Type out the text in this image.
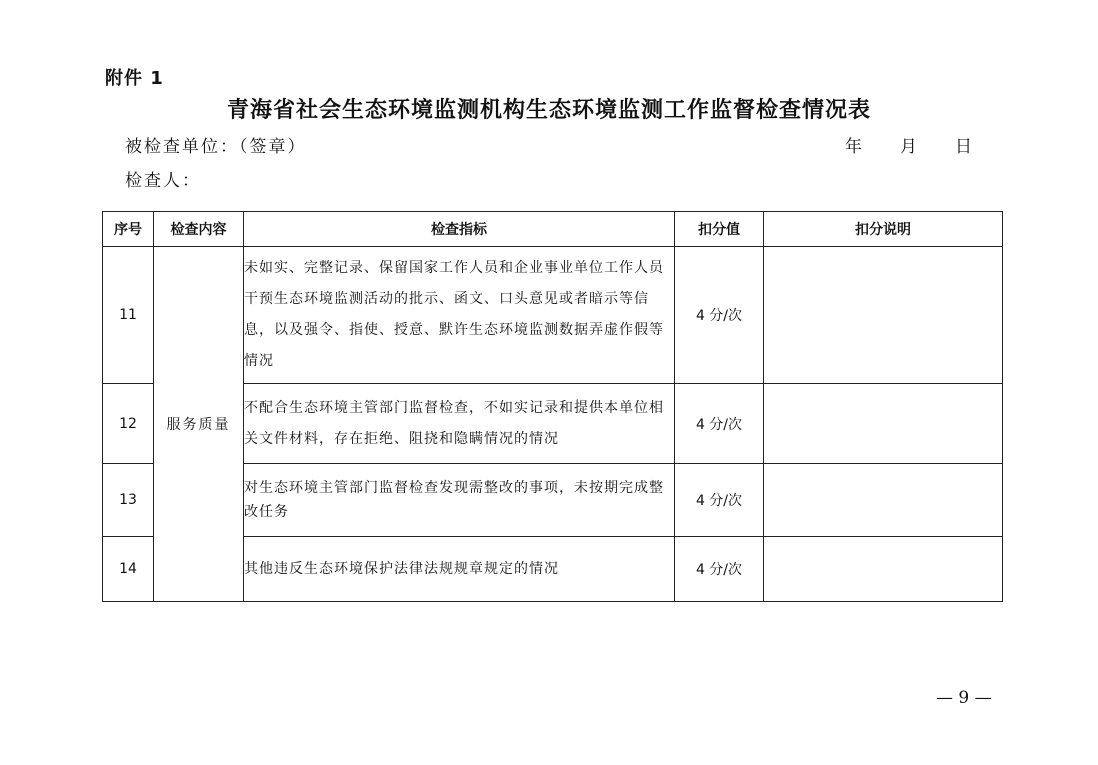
附件 1
青海省社会生态环境监测机构生态环境监测工作监督检查情况表
被检查单位：（签章）	年 月 日
检查人：
序号	检查内容	检查指标	扣分值	扣分说明
11	服务质量	未如实、完整记录、保留国家工作人员和企业事业单位工作人员干预生态环境监测活动的批示、函文、口头意见或者暗示等信息，以及强令、指使、授意、默许生态环境监测数据弄虚作假等情况	4 分/次	
12		不配合生态环境主管部门监督检查，不如实记录和提供本单位相关文件材料，存在拒绝、阻挠和隐瞒情况的情况	4 分/次	
13		对生态环境主管部门监督检查发现需整改的事项，未按期完成整改任务	4 分/次	
14		其他违反生态环境保护法律法规规章规定的情况	4 分/次	
— 9 —
